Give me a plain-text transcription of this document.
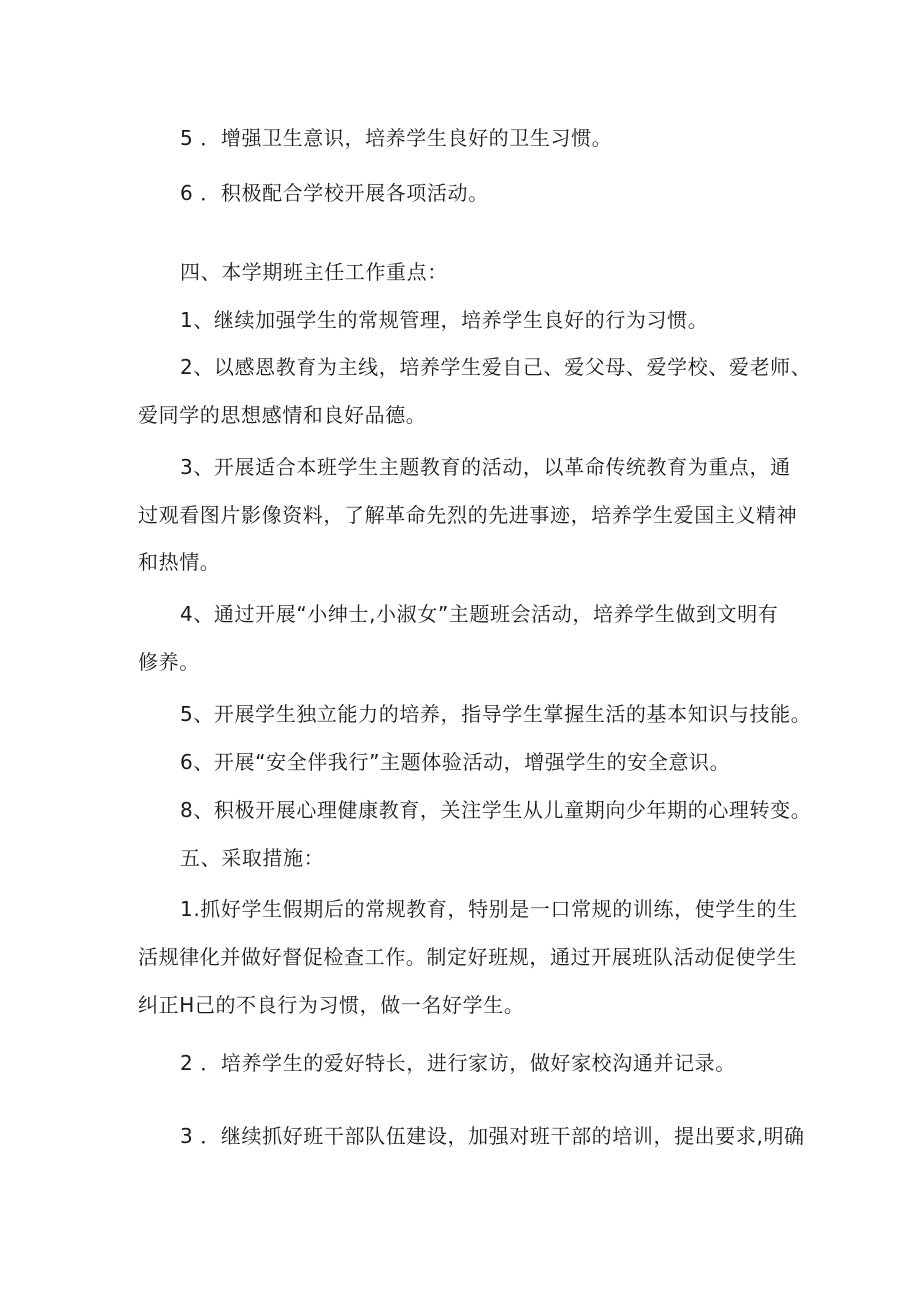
5 ．增强卫生意识，培养学生良好的卫生习惯。
6 ．积极配合学校开展各项活动。
四、本学期班主任工作重点：
1、继续加强学生的常规管理，培养学生良好的行为习惯。
2、以感恩教育为主线，培养学生爱自己、爱父母、爱学校、爱老师、
爱同学的思想感情和良好品德。
3、开展适合本班学生主题教育的活动，以革命传统教育为重点，通
过观看图片影像资料，了解革命先烈的先进事迹，培养学生爱国主义精神
和热情。
4、通过开展“小绅士,小淑女”主题班会活动，培养学生做到文明有
修养。
5、开展学生独立能力的培养，指导学生掌握生活的基本知识与技能。
6、开展“安全伴我行”主题体验活动，增强学生的安全意识。
8、积极开展心理健康教育，关注学生从儿童期向少年期的心理转变。
五、采取措施：
1.抓好学生假期后的常规教育，特别是一口常规的训练，使学生的生
活规律化并做好督促检查工作。制定好班规，通过开展班队活动促使学生
纠正H己的不良行为习惯，做一名好学生。
2 ．培养学生的爱好特长，进行家访，做好家校沟通并记录。
3 ．继续抓好班干部队伍建设，加强对班干部的培训，提出要求,明确
